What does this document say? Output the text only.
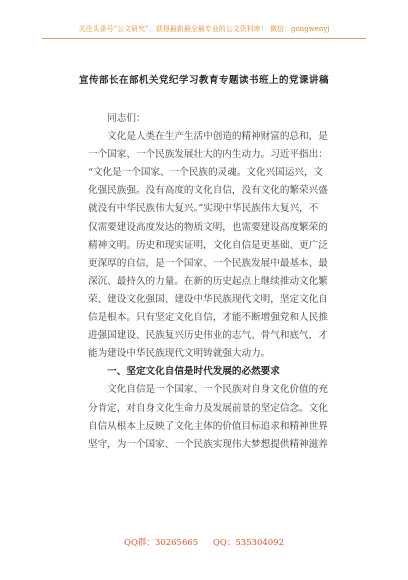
关注头条号“公文研究”，获得最新最全最专业的公文资料库！ 微信：gongwenyj
宣传部长在部机关党纪学习教育专题读书班上的党课讲稿
　　同志们：
　　文化是人类在生产生活中创造的精神财富的总和，是
一个国家、一个民族发展壮大的内生动力。习近平指出：
“文化是一个国家、一个民族的灵魂。文化兴国运兴，文
化强民族强。没有高度的文化自信，没有文化的繁荣兴盛
就没有中华民族伟大复兴。”实现中华民族伟大复兴，不
仅需要建设高度发达的物质文明，也需要建设高度繁荣的
精神文明。历史和现实证明，文化自信是更基础、更广泛
更深厚的自信，是一个国家、一个民族发展中最基本、最
深沉、最持久的力量。在新的历史起点上继续推动文化繁
荣、建设文化强国、建设中华民族现代文明，坚定文化自
信是根本。只有坚定文化自信，才能不断增强党和人民推
进强国建设、民族复兴历史伟业的志气、骨气和底气，才
能为建设中华民族现代文明铸就强大动力。
　　一、坚定文化自信是时代发展的必然要求
　　文化自信是一个国家、一个民族对自身文化价值的充
分肯定，对自身文化生命力及发展前景的坚定信念。文化
自信从根本上反映了文化主体的价值目标追求和精神世界
坚守，为一个国家、一个民族实现伟大梦想提供精神滋养
QQ群：30265665 QQ：535304092
